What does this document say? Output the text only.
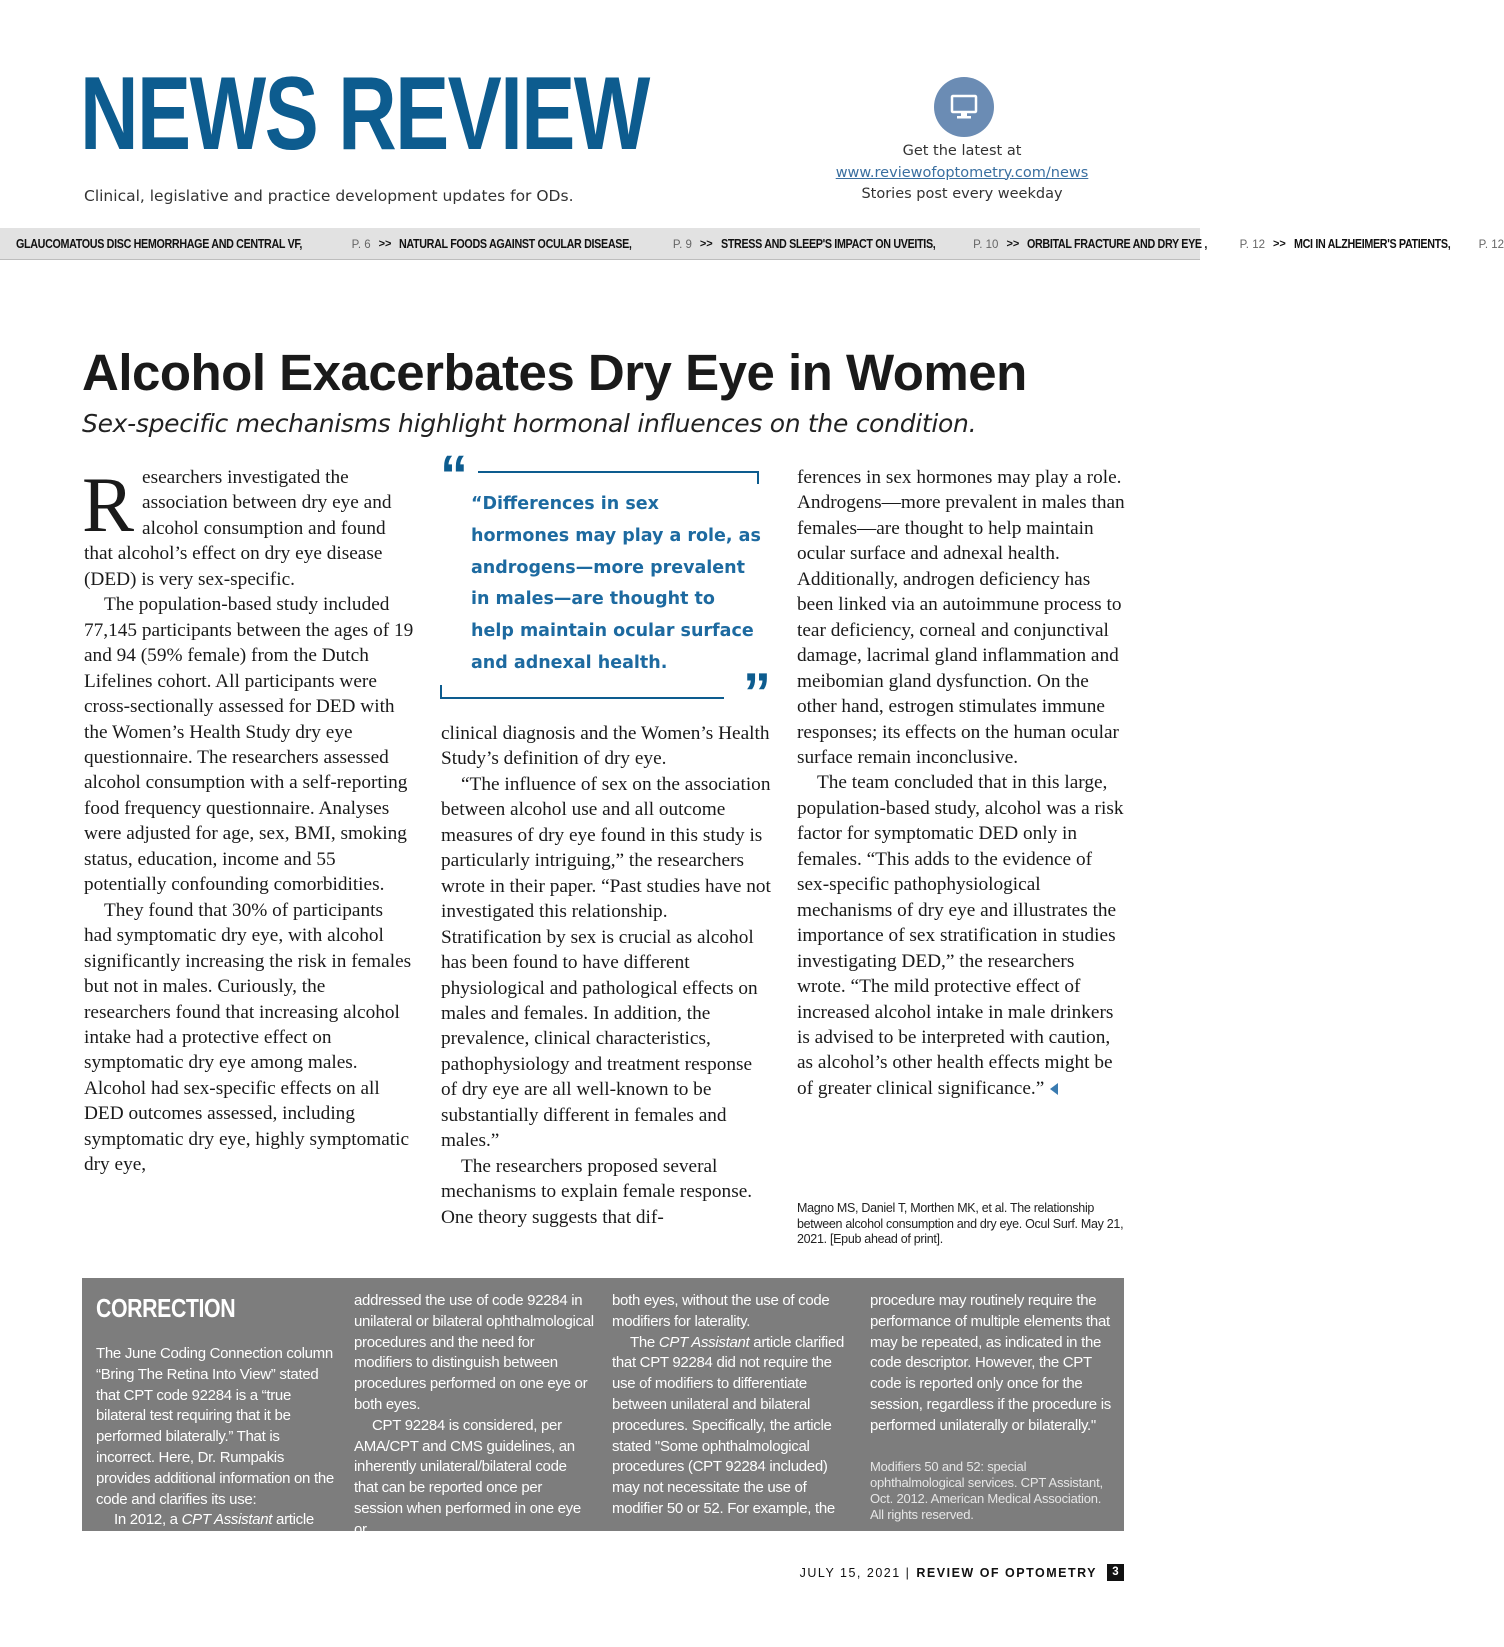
NEWS REVIEW
Clinical, legislative and practice development updates for ODs.
Get the latest at
www.reviewofoptometry.com/news
Stories post every weekday
GLAUCOMATOUS DISC HEMORRHAGE AND CENTRAL VF,	P. 6 >> NATURAL FOODS AGAINST OCULAR DISEASE,	P. 9 >> STRESS AND SLEEP'S IMPACT ON UVEITIS,	P. 10 >> ORBITAL FRACTURE AND DRY EYE ,	P. 12 >> MCI IN ALZHEIMER'S PATIENTS, P. 12
Alcohol Exacerbates Dry Eye in Women
Sex-specific mechanisms highlight hormonal influences on the condition.

Researchers investigated the association between dry eye and alcohol consumption and found that alcohol’s effect on dry eye disease (DED) is very sex-specific.

The population-based study included 77,145 participants between the ages of 19 and 94 (59% female) from the Dutch Lifelines cohort. All participants were cross-sectionally assessed for DED with the Women’s Health Study dry eye questionnaire. The researchers assessed alcohol consumption with a self-reporting food frequency questionnaire. Analyses were adjusted for age, sex, BMI, smoking status, education, income and 55 potentially confounding comorbidities.

They found that 30% of participants had symptomatic dry eye, with alcohol significantly increasing the risk in females but not in males. Curiously, the researchers found that increasing alcohol intake had a protective effect on symptomatic dry eye among males. Alcohol had sex-specific effects on all DED outcomes assessed, including symptomatic dry eye, highly symptomatic dry eye,

“ “Differences in sex hormones may play a role, as androgens—more prevalent in males—are thought to help maintain ocular surface and adnexal health.	”

clinical diagnosis and the Women’s Health Study’s definition of dry eye.

“The influence of sex on the association between alcohol use and all outcome measures of dry eye found in this study is particularly intriguing,” the researchers wrote in their paper. “Past studies have not investigated this relationship. Stratification by sex is crucial as alcohol has been found to have different physiological and pathological effects on males and females. In addition, the prevalence, clinical characteristics, pathophysiology and treatment response of dry eye are all well-known to be substantially different in females and males.”

The researchers proposed several mechanisms to explain female response. One theory suggests that dif-

ferences in sex hormones may play a role. Androgens—more prevalent in males than females—are thought to help maintain ocular surface and adnexal health. Additionally, androgen deficiency has been linked via an autoimmune process to tear deficiency, corneal and conjunctival damage, lacrimal gland inflammation and meibomian gland dysfunction. On the other hand, estrogen stimulates immune responses; its effects on the human ocular surface remain inconclusive.

The team concluded that in this large, population-based study, alcohol was a risk factor for symptomatic DED only in females. “This adds to the evidence of sex-specific pathophysiological mechanisms of dry eye and illustrates the importance of sex stratification in studies investigating DED,” the researchers wrote. “The mild protective effect of increased alcohol intake in male drinkers is advised to be interpreted with caution, as alcohol’s other health effects might be of greater clinical significance.”

Magno MS, Daniel T, Morthen MK, et al. The relationship between alcohol consumption and dry eye. Ocul Surf. May 21, 2021. [Epub ahead of print].
CORRECTION

The June Coding Connection column “Bring The Retina Into View” stated that CPT code 92284 is a “true bilateral test requiring that it be performed bilaterally.” That is incorrect. Here, Dr. Rumpakis provides additional information on the code and clarifies its use:

In 2012, a CPT Assistant article

addressed the use of code 92284 in unilateral or bilateral ophthalmological procedures and the need for modifiers to distinguish between procedures performed on one eye or both eyes.

CPT 92284 is considered, per AMA/CPT and CMS guidelines, an inherently unilateral/bilateral code that can be reported once per session when performed in one eye or

both eyes, without the use of code modifiers for laterality.

The CPT Assistant article clarified that CPT 92284 did not require the use of modifiers to differentiate between unilateral and bilateral procedures. Specifically, the article stated "Some ophthalmological procedures (CPT 92284 included) may not necessitate the use of modifier 50 or 52. For example, the

procedure may routinely require the performance of multiple elements that may be repeated, as indicated in the code descriptor. However, the CPT code is reported only once for the session, regardless if the procedure is performed unilaterally or bilaterally."

Modifiers 50 and 52: special ophthalmological services. CPT Assistant, Oct. 2012. American Medical Association. All rights reserved.

JULY 15, 2021 | REVIEW OF OPTOMETRY	3
